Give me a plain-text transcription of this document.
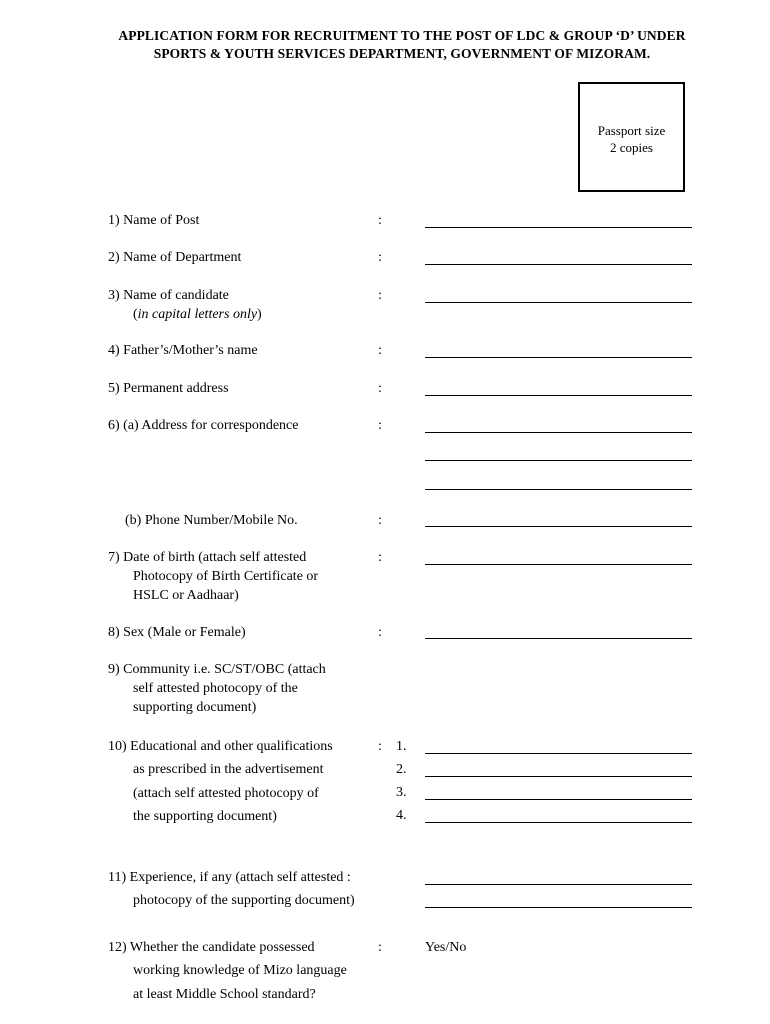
APPLICATION FORM FOR RECRUITMENT TO THE POST OF LDC & GROUP ‘D’ UNDER
SPORTS & YOUTH SERVICES DEPARTMENT, GOVERNMENT OF MIZORAM.
Passport size
2 copies
1) Name of Post	:
2) Name of Department	:
3) Name of candidate
(in capital letters only)
:
4) Father’s/Mother’s name	:
5) Permanent address	:
6) (a) Address for correspondence	:
(b) Phone Number/Mobile No.	:
7) Date of birth (attach self attested
Photocopy of Birth Certificate or
HSLC or Aadhaar)
:
8) Sex (Male or Female)	:
9) Community i.e. SC/ST/OBC (attach
self attested photocopy of the
supporting document)
10) Educational and other qualifications
as prescribed in the advertisement
(attach self attested photocopy of
the supporting document)
: 1.
2.
3.
4.
11) Experience, if any (attach self attested :
photocopy of the supporting document)
12) Whether the candidate possessed
working knowledge of Mizo language
at least Middle School standard?
:	Yes/No
